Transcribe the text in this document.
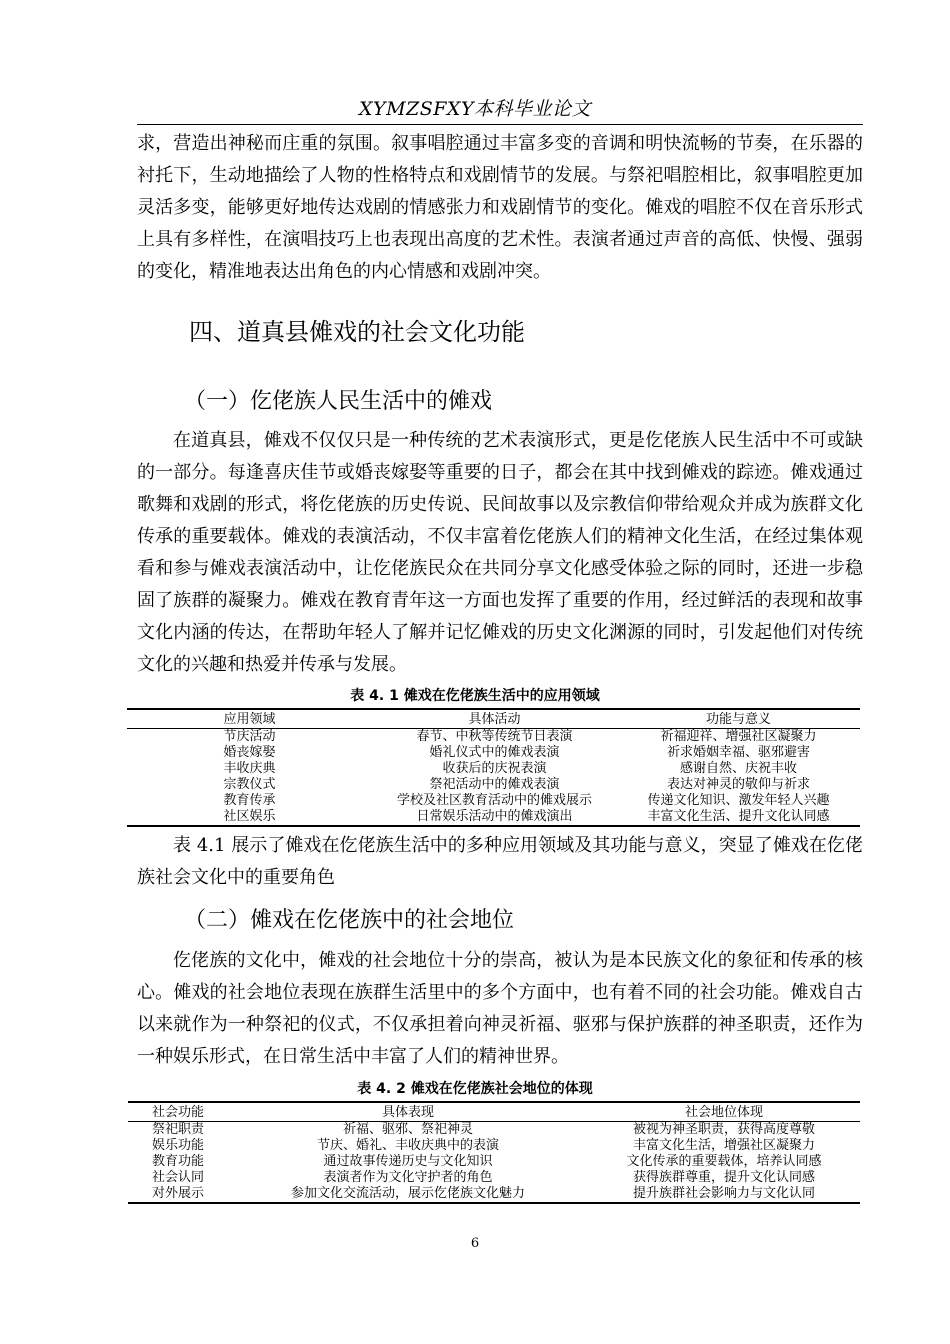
XYMZSFXY本科毕业论文

求，营造出神秘而庄重的氛围。叙事唱腔通过丰富多变的音调和明快流畅的节奏，在乐器的衬托下，生动地描绘了人物的性格特点和戏剧情节的发展。与祭祀唱腔相比，叙事唱腔更加灵活多变，能够更好地传达戏剧的情感张力和戏剧情节的变化。傩戏的唱腔不仅在音乐形式上具有多样性，在演唱技巧上也表现出高度的艺术性。表演者通过声音的高低、快慢、强弱的变化，精准地表达出角色的内心情感和戏剧冲突。

四、道真县傩戏的社会文化功能
（一）仡佬族人民生活中的傩戏

在道真县，傩戏不仅仅只是一种传统的艺术表演形式，更是仡佬族人民生活中不可或缺的一部分。每逢喜庆佳节或婚丧嫁娶等重要的日子，都会在其中找到傩戏的踪迹。傩戏通过歌舞和戏剧的形式，将仡佬族的历史传说、民间故事以及宗教信仰带给观众并成为族群文化传承的重要载体。傩戏的表演活动，不仅丰富着仡佬族人们的精神文化生活，在经过集体观看和参与傩戏表演活动中，让仡佬族民众在共同分享文化感受体验之际的同时，还进一步稳固了族群的凝聚力。傩戏在教育青年这一方面也发挥了重要的作用，经过鲜活的表现和故事文化内涵的传达，在帮助年轻人了解并记忆傩戏的历史文化渊源的同时，引发起他们对传统文化的兴趣和热爱并传承与发展。

表 4. 1 傩戏在仡佬族生活中的应用领域
应用领域	具体活动	功能与意义
节庆活动	春节、中秋等传统节日表演	祈福迎祥、增强社区凝聚力
婚丧嫁娶	婚礼仪式中的傩戏表演	祈求婚姻幸福、驱邪避害
丰收庆典	收获后的庆祝表演	感谢自然、庆祝丰收
宗教仪式	祭祀活动中的傩戏表演	表达对神灵的敬仰与祈求
教育传承	学校及社区教育活动中的傩戏展示	传递文化知识、激发年轻人兴趣
社区娱乐	日常娱乐活动中的傩戏演出	丰富文化生活、提升文化认同感

表 4.1 展示了傩戏在仡佬族生活中的多种应用领域及其功能与意义，突显了傩戏在仡佬族社会文化中的重要角色

（二）傩戏在仡佬族中的社会地位

仡佬族的文化中，傩戏的社会地位十分的崇高，被认为是本民族文化的象征和传承的核心。傩戏的社会地位表现在族群生活里中的多个方面中，也有着不同的社会功能。傩戏自古以来就作为一种祭祀的仪式，不仅承担着向神灵祈福、驱邪与保护族群的神圣职责，还作为一种娱乐形式，在日常生活中丰富了人们的精神世界。

表 4. 2 傩戏在仡佬族社会地位的体现
社会功能	具体表现	社会地位体现
祭祀职责	祈福、驱邪、祭祀神灵	被视为神圣职责，获得高度尊敬
娱乐功能	节庆、婚礼、丰收庆典中的表演	丰富文化生活，增强社区凝聚力
教育功能	通过故事传递历史与文化知识	文化传承的重要载体，培养认同感
社会认同	表演者作为文化守护者的角色	获得族群尊重，提升文化认同感
对外展示	参加文化交流活动，展示仡佬族文化魅力	提升族群社会影响力与文化认同
6
